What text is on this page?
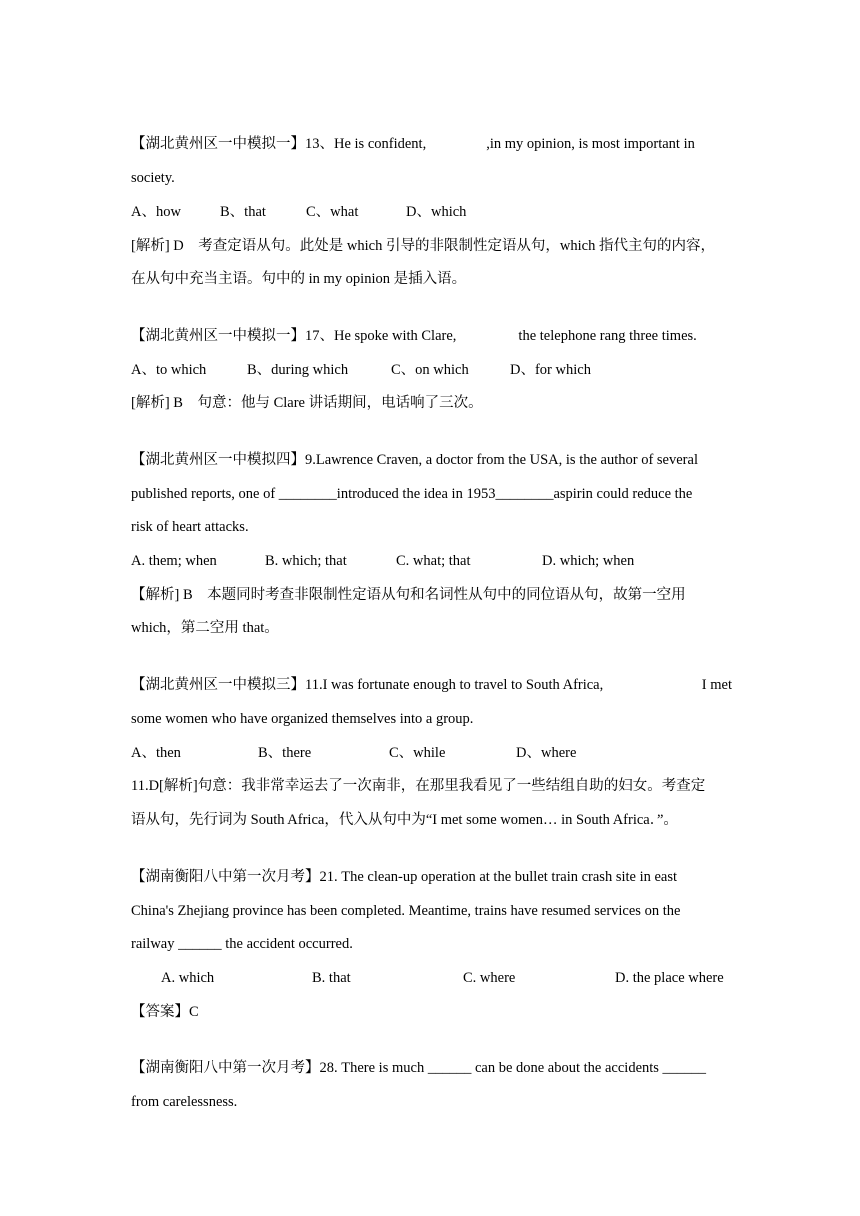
【湖北黄州区一中模拟一】13、He is confident,	,in my opinion, is most important in
society.
A、how	B、that	C、what	D、which
[解析] D　考查定语从句。此处是 which 引导的非限制性定语从句，which 指代主句的内容，
在从句中充当主语。句中的 in my opinion 是插入语。
【湖北黄州区一中模拟一】17、He spoke with Clare,	the telephone rang three times.
A、to which	B、during which	C、on which	D、for which
[解析] B　句意：他与 Clare 讲话期间，电话响了三次。
【湖北黄州区一中模拟四】9.Lawrence Craven, a doctor from the USA, is the author of several
published reports, one of ________introduced the idea in 1953________aspirin could reduce the
risk of heart attacks.
A. them; when	B. which; that	C. what; that	D. which; when
【解析] B　本题同时考查非限制性定语从句和名词性从句中的同位语从句，故第一空用
which，第二空用 that。
【湖北黄州区一中模拟三】11.I was fortunate enough to travel to South Africa,	I met
some women who have organized themselves into a group.
A、then	B、there	C、while	D、where
11.D[解析]句意：我非常幸运去了一次南非，在那里我看见了一些结组自助的妇女。考查定
语从句，先行词为 South Africa，代入从句中为“I met some women… in South Africa．”。
【湖南衡阳八中第一次月考】21. The clean-up operation at the bullet train crash site in east
China's Zhejiang province has been completed. Meantime, trains have resumed services on the
railway ______ the accident occurred.
A. which	B. that	C. where	D. the place where
【答案】C
【湖南衡阳八中第一次月考】28. There is much ______ can be done about the accidents ______
from carelessness.
